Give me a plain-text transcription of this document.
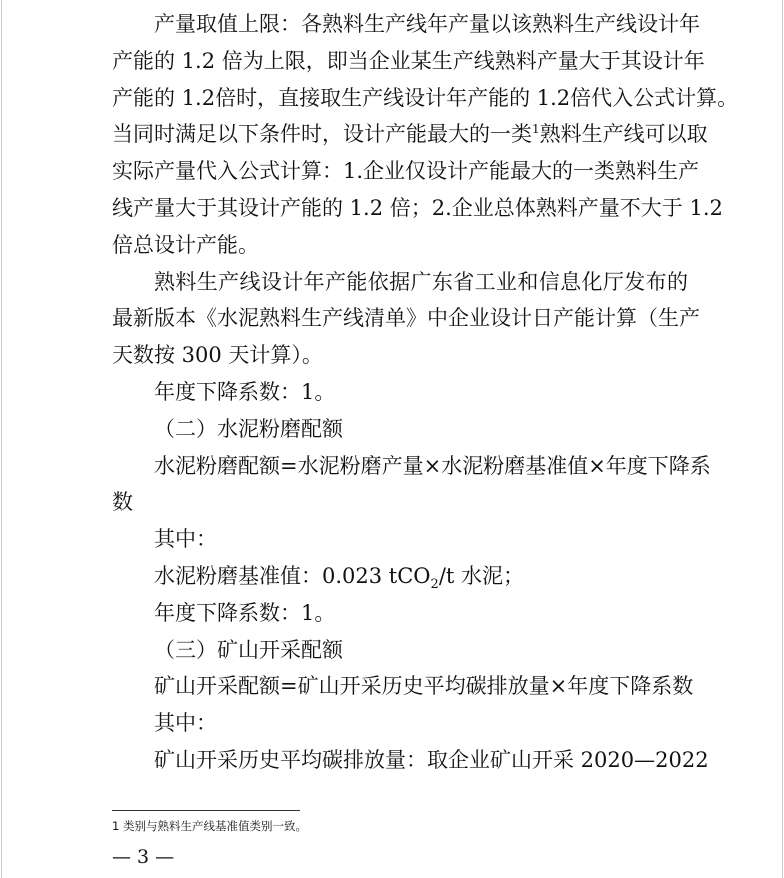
产量取值上限：各熟料生产线年产量以该熟料生产线设计年
产能的 1.2 倍为上限，即当企业某生产线熟料产量大于其设计年
产能的 1.2倍时，直接取生产线设计年产能的 1.2倍代入公式计算。
当同时满足以下条件时，设计产能最大的一类$^1$熟料生产线可以取
实际产量代入公式计算：1.企业仅设计产能最大的一类熟料生产
线产量大于其设计产能的 1.2 倍；2.企业总体熟料产量不大于 1.2
倍总设计产能。
熟料生产线设计年产能依据广东省工业和信息化厅发布的
最新版本《水泥熟料生产线清单》中企业设计日产能计算（生产
天数按 300 天计算）。
年度下降系数：1。
（二）水泥粉磨配额
水泥粉磨配额=水泥粉磨产量×水泥粉磨基准值×年度下降系
数
其中：
水泥粉磨基准值：0.023 tCO$_2$/t 水泥；
年度下降系数：1。
（三）矿山开采配额
矿山开采配额=矿山开采历史平均碳排放量×年度下降系数
其中：
矿山开采历史平均碳排放量：取企业矿山开采 2020—2022
1 类别与熟料生产线基准值类别一致。
— 3 —
